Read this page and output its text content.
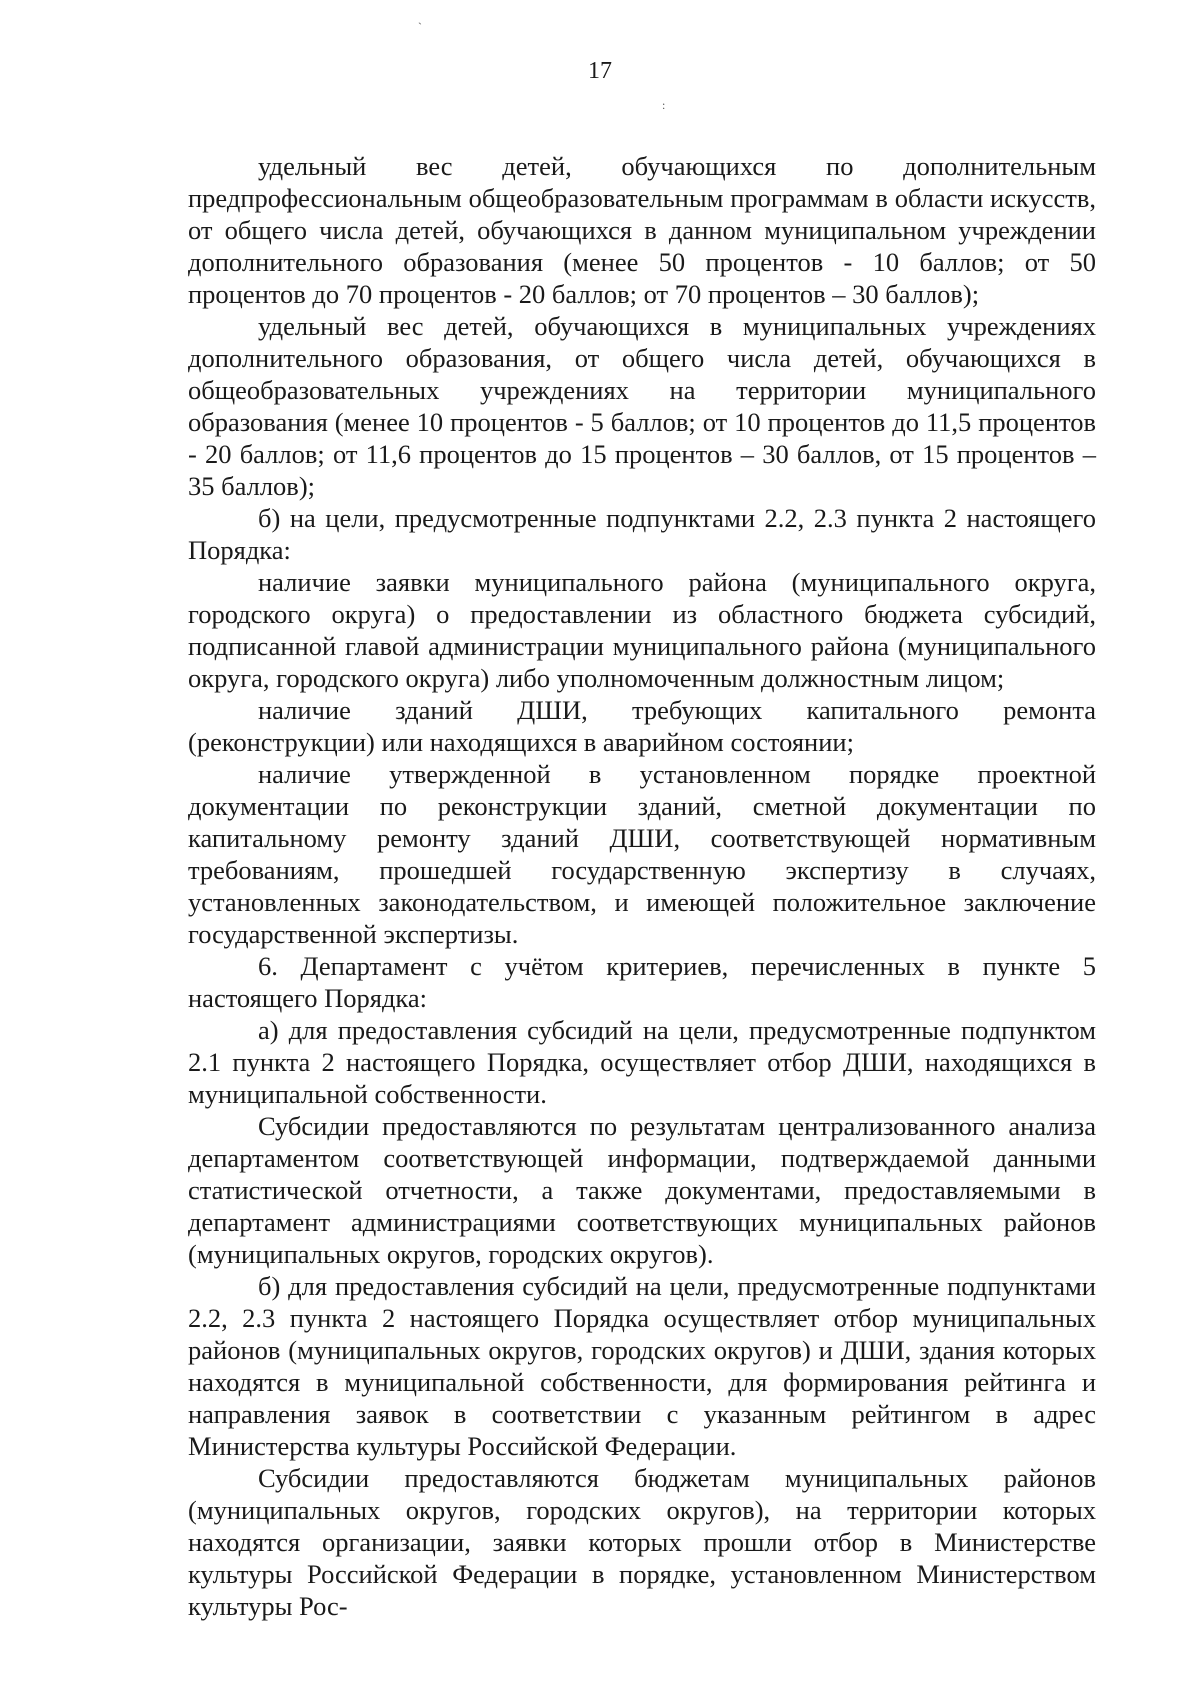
17
`
:

удельный вес детей, обучающихся по дополнительным предпрофессиональным общеобразовательным программам в области искусств, от общего числа детей, обучающихся в данном муниципальном учреждении дополнительного образования (менее 50 процентов - 10 баллов; от 50 процентов до 70 процентов - 20 баллов; от 70 процентов – 30 баллов);

удельный вес детей, обучающихся в муниципальных учреждениях дополнительного образования, от общего числа детей, обучающихся в общеобразовательных учреждениях на территории муниципального образования (менее 10 процентов - 5 баллов; от 10 процентов до 11,5 процентов - 20 баллов; от 11,6 процентов до 15 процентов – 30 баллов, от 15 процентов – 35 баллов);

б) на цели, предусмотренные подпунктами 2.2, 2.3 пункта 2 настоящего Порядка:

наличие заявки муниципального района (муниципального округа, городского округа) о предоставлении из областного бюджета субсидий, подписанной главой администрации муниципального района (муниципального округа, городского округа) либо уполномоченным должностным лицом;

наличие зданий ДШИ, требующих капитального ремонта (реконструкции) или находящихся в аварийном состоянии;

наличие утвержденной в установленном порядке проектной документации по реконструкции зданий, сметной документации по капитальному ремонту зданий ДШИ, соответствующей нормативным требованиям, прошедшей государственную экспертизу в случаях, установленных законодательством, и имеющей положительное заключение государственной экспертизы.

6. Департамент с учётом критериев, перечисленных в пункте 5 настоящего Порядка:

а) для предоставления субсидий на цели, предусмотренные подпунктом 2.1 пункта 2 настоящего Порядка, осуществляет отбор ДШИ, находящихся в муниципальной собственности.

Субсидии предоставляются по результатам централизованного анализа департаментом соответствующей информации, подтверждаемой данными статистической отчетности, а также документами, предоставляемыми в департамент администрациями соответствующих муниципальных районов (муниципальных округов, городских округов).

б) для предоставления субсидий на цели, предусмотренные подпунктами 2.2, 2.3 пункта 2 настоящего Порядка осуществляет отбор муниципальных районов (муниципальных округов, городских округов) и ДШИ, здания которых находятся в муниципальной собственности, для формирования рейтинга и направления заявок в соответствии с указанным рейтингом в адрес Министерства культуры Российской Федерации.

Субсидии предоставляются бюджетам муниципальных районов (муниципальных округов, городских округов), на территории которых находятся организации, заявки которых прошли отбор в Министерстве культуры Российской Федерации в порядке, установленном Министерством культуры Рос-
